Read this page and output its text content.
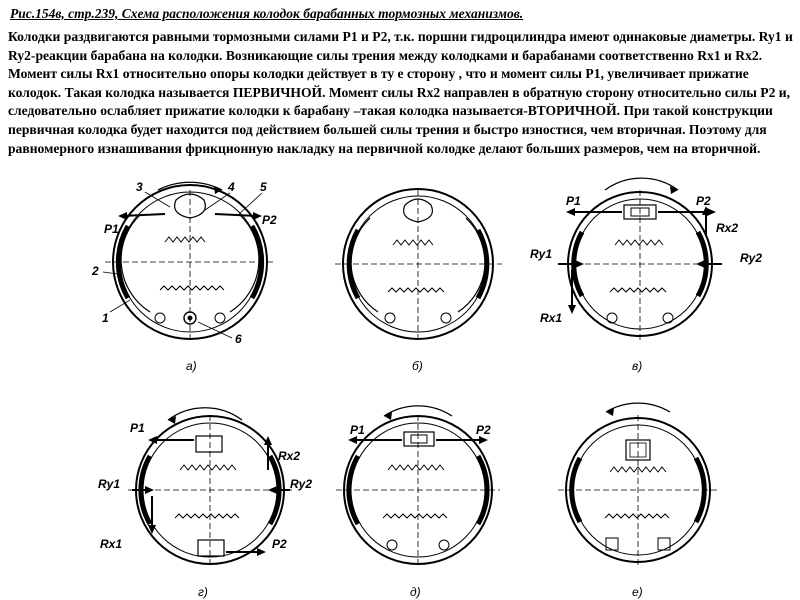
Рис.154в, стр.239, Схема расположения колодок барабанных тормозных механизмов.
Колодки раздвигаются равными тормозными силами Р1 и Р2, т.к. поршни гидроцилиндра имеют одинаковые диаметры. Ry1 и Ry2-реакции барабана на колодки. Возникающие силы трения между колодками и барабанами соответственно Rx1 и Rx2. Момент силы Rx1 относительно опоры колодки действует в ту е сторону , что и момент силы Р1, увеличивает прижатие колодок. Такая колодка называется ПЕРВИЧНОЙ. Момент силы Rx2 направлен в обратную сторону относительно силы Р2 и, следовательно ослабляет прижатие колодки к барабану –такая колодка называется-ВТОРИЧНОЙ. При такой конструкции первичная колодка будет находится под действием большей силы трения и быстро изностися, чем вторичная. Поэтому для равномерного изнашивания фрикционную накладку на первичной колодке делают больших размеров, чем на вторичной.
P1
P2
3	4 5
2
1
6
а)	б)
P1	P2
Rx2
Ry1	Ry2
Rx1
в)
P1
Rx2
Ry1	Ry2
Rx1	P2
г)
P1	P2
д)	е)
